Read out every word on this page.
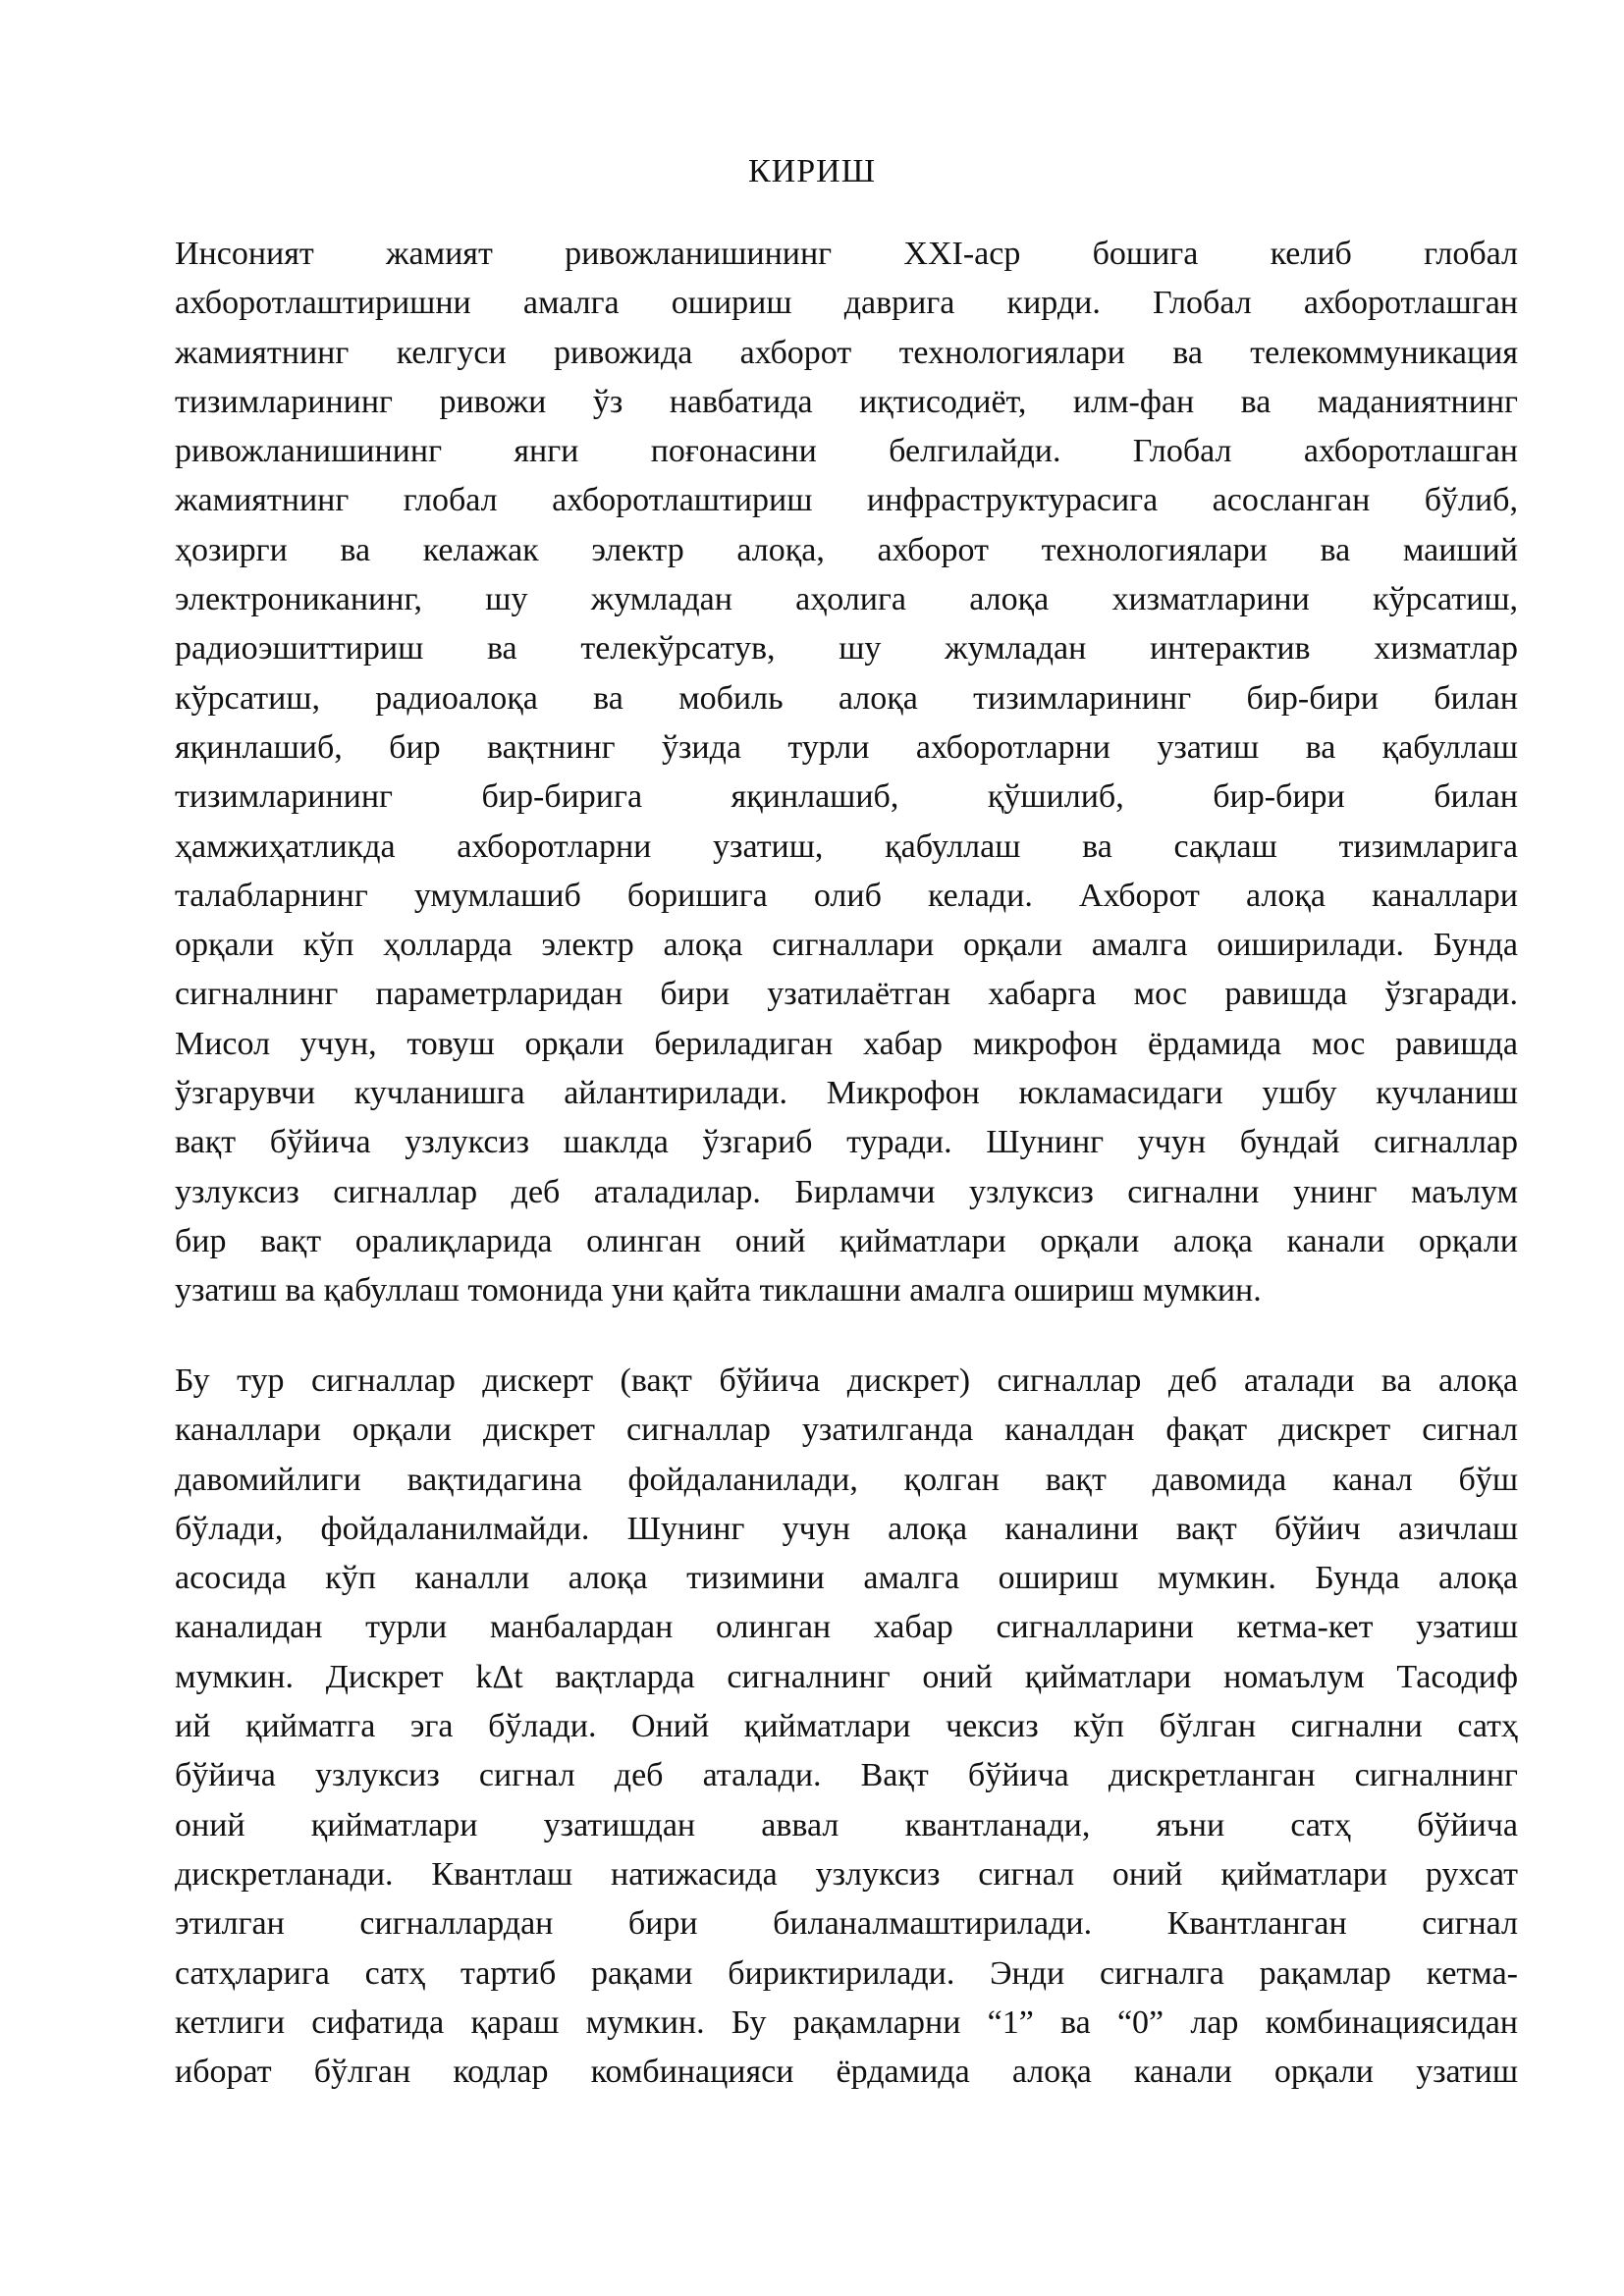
КИРИШ
Инсоният жамият ривожланишининг XXI-аср бошига келиб глобал
ахборотлаштиришни амалга ошириш даврига кирди. Глобал ахборотлашган
жамиятнинг келгуси ривожида ахборот технологиялари ва телекоммуникация
тизимларининг ривожи ўз навбатида иқтисодиёт, илм-фан ва маданиятнинг
ривожланишининг янги поғонасини белгилайди. Глобал ахборотлашган
жамиятнинг глобал ахборотлаштириш инфраструктурасига асосланган бўлиб,
ҳозирги ва келажак электр алоқа, ахборот технологиялари ва маиший
электрониканинг, шу жумладан аҳолига алоқа хизматларини кўрсатиш,
радиоэшиттириш ва телекўрсатув, шу жумладан интерактив хизматлар
кўрсатиш, радиоалоқа ва мобиль алоқа тизимларининг бир-бири билан
яқинлашиб, бир вақтнинг ўзида турли ахборотларни узатиш ва қабуллаш
тизимларининг бир-бирига яқинлашиб, қўшилиб, бир-бири билан
ҳамжиҳатликда ахборотларни узатиш, қабуллаш ва сақлаш тизимларига
талабларнинг умумлашиб боришига олиб келади. Ахборот алоқа каналлари
орқали кўп ҳолларда электр алоқа сигналлари орқали амалга оиширилади. Бунда
сигналнинг параметрларидан бири узатилаётган хабарга мос равишда ўзгаради.
Мисол учун, товуш орқали бериладиган хабар микрофон ёрдамида мос равишда
ўзгарувчи кучланишга айлантирилади. Микрофон юкламасидаги ушбу кучланиш
вақт бўйича узлуксиз шаклда ўзгариб туради. Шунинг учун бундай сигналлар
узлуксиз сигналлар деб аталадилар. Бирламчи узлуксиз сигнални унинг маълум
бир вақт оралиқларида олинган оний қийматлари орқали алоқа канали орқали
узатиш ва қабуллаш томонида уни қайта тиклашни амалга ошириш мумкин.
Бу тур сигналлар дискерт (вақт бўйича дискрет) сигналлар деб аталади ва алоқа
каналлари орқали дискрет сигналлар узатилганда каналдан фақат дискрет сигнал
давомийлиги вақтидагина фойдаланилади, қолган вақт давомида канал бўш
бўлади, фойдаланилмайди. Шунинг учун алоқа каналини вақт бўйич азичлаш
асосида кўп каналли алоқа тизимини амалга ошириш мумкин. Бунда алоқа
каналидан турли манбалардан олинган хабар сигналларини кетма-кет узатиш
мумкин. Дискрет kΔt вақтларда сигналнинг оний қийматлари номаълум Тасодиф
ий қийматга эга бўлади. Оний қийматлари чексиз кўп бўлган сигнални сатҳ
бўйича узлуксиз сигнал деб аталади. Вақт бўйича дискретланган сигналнинг
оний қийматлари узатишдан аввал квантланади, яъни сатҳ бўйича
дискретланади. Квантлаш натижасида узлуксиз сигнал оний қийматлари рухсат
этилган сигналлардан бири биланалмаштирилади. Квантланган сигнал
сатҳларига сатҳ тартиб рақами бириктирилади. Энди сигналга рақамлар кетма-
кетлиги сифатида қараш мумкин. Бу рақамларни “1” ва “0” лар комбинациясидан
иборат бўлган кодлар комбинацияси ёрдамида алоқа канали орқали узатиш
